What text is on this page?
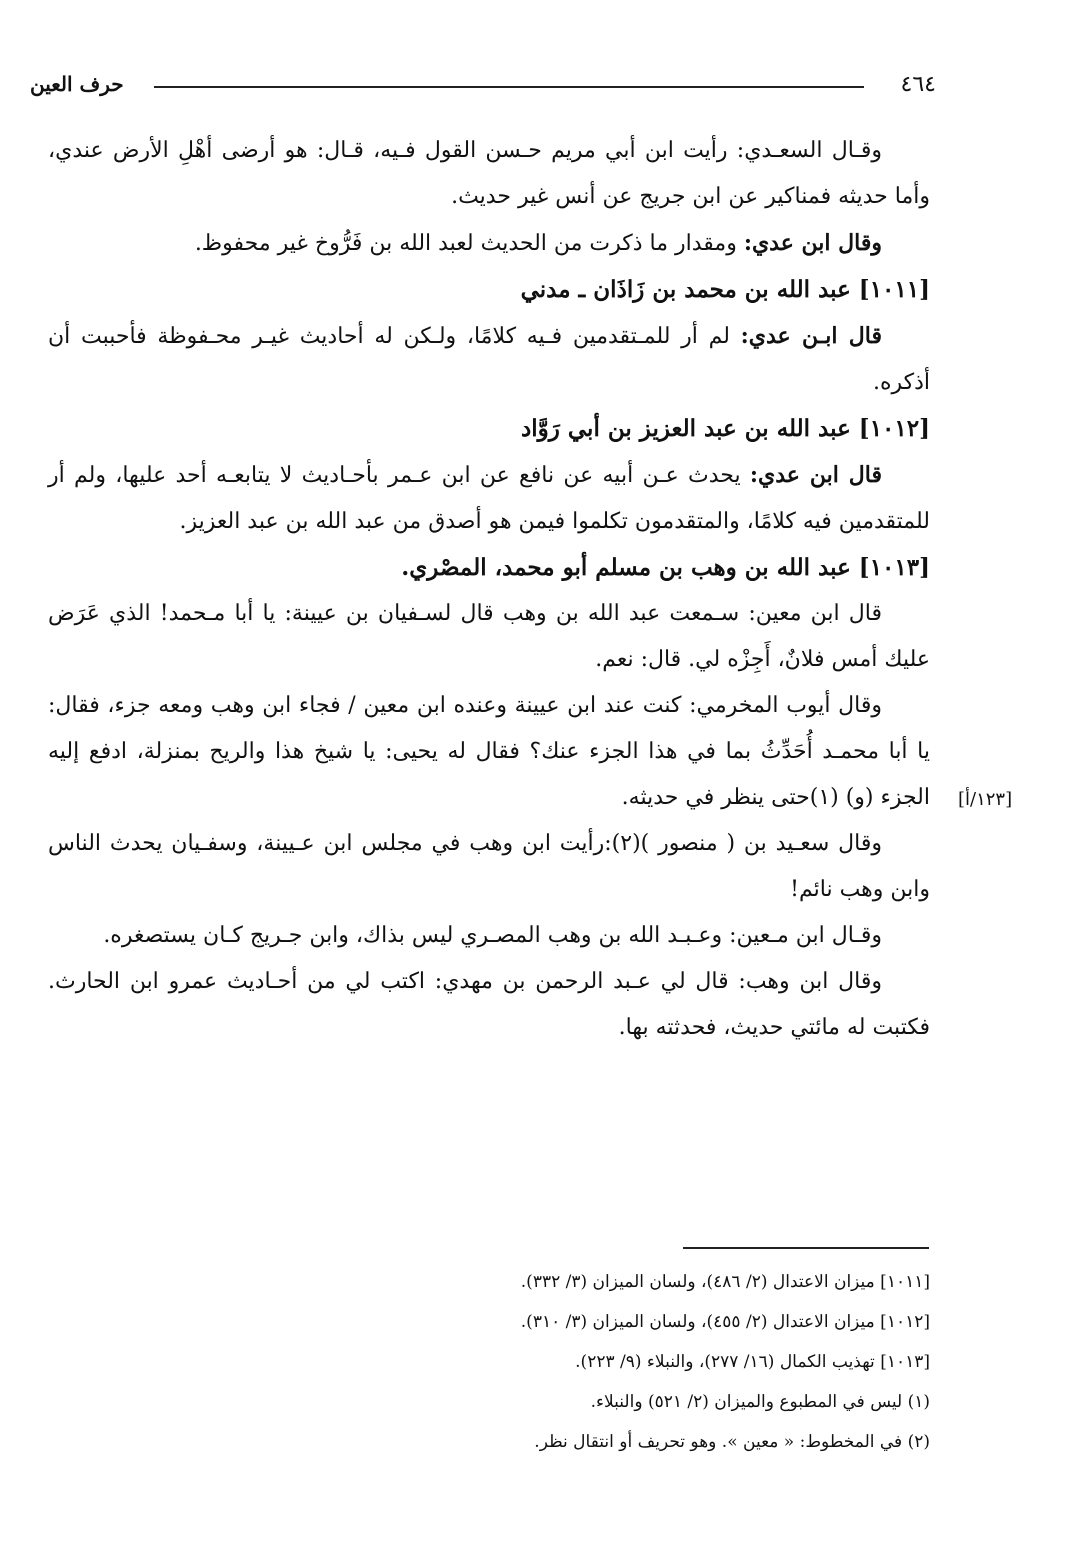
حرف العين	٤٦٤

وقـال السعـدي: رأيت ابن أبي مريم حـسن القول فـيه، قـال: هو أرضى أهْلِ الأرض عندي، وأما حديثه فمناكير عن ابن جريج عن أنس غير حديث.

وقال ابن عدي: ومقدار ما ذكرت من الحديث لعبد الله بن فَرُّوخ غير محفوظ.

[١٠١١] عبد الله بن محمد بن زَاذَان ـ مدني

قال ابـن عدي: لم أر للمـتقدمين فـيه كلامًا، ولـكن له أحاديث غيـر محـفوظة فأحببت أن أذكره.

[١٠١٢] عبد الله بن عبد العزيز بن أبي رَوَّاد

قال ابن عدي: يحدث عـن أبيه عن نافع عن ابن عـمر بأحـاديث لا يتابعـه أحد عليها، ولم أر للمتقدمين فيه كلامًا، والمتقدمون تكلموا فيمن هو أصدق من عبد الله بن عبد العزيز.

[١٠١٣] عبد الله بن وهب بن مسلم أبو محمد، المصْري.

قال ابن معين: سـمعت عبد الله بن وهب قال لسـفيان بن عيينة: يا أبا مـحمد! الذي عَرَض عليك أمس فلانٌ، أَجِزْه لي. قال: نعم.

وقال أيوب المخرمي: كنت عند ابن عيينة وعنده ابن معين / فجاء ابن وهب ومعه جزء، فقال: يا أبا محمـد أُحَدِّثُ بما في هذا الجزء عنك؟ فقال له يحيى: يا شيخ هذا والريح بمنزلة، ادفع إليه الجزء (و) (١)حتى ينظر في حديثه.

وقال سعـيد بن ( منصور )(٢):رأيت ابن وهب في مجلس ابن عـيينة، وسفـيان يحدث الناس وابن وهب نائم!

وقـال ابن مـعين: وعـبـد الله بن وهب المصـري ليس بذاك، وابن جـريج كـان يستصغره.

وقال ابن وهب: قال لي عـبد الرحمن بن مهدي: اكتب لي من أحـاديث عمرو ابن الحارث. فكتبت له مائتي حديث، فحدثته بها.

[١٢٣/أ]

[١٠١١] ميزان الاعتدال (٢/ ٤٨٦)، ولسان الميزان (٣/ ٣٣٢).

[١٠١٢] ميزان الاعتدال (٢/ ٤٥٥)، ولسان الميزان (٣/ ٣١٠).

[١٠١٣] تهذيب الكمال (١٦/ ٢٧٧)، والنبلاء (٩/ ٢٢٣).

(١) ليس في المطبوع والميزان (٢/ ٥٢١) والنبلاء.

(٢) في المخطوط: « معين ». وهو تحريف أو انتقال نظر.
